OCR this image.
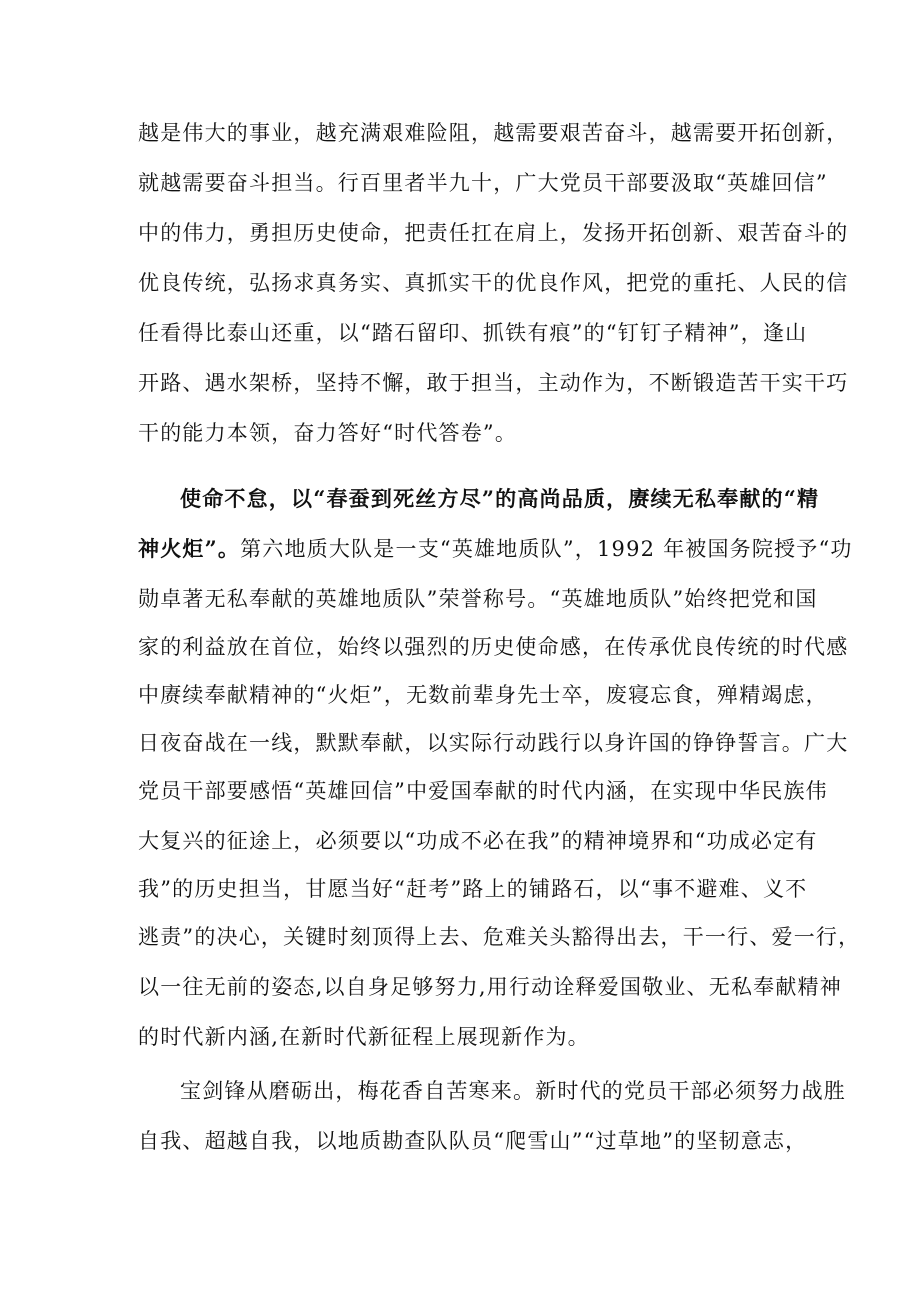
越是伟大的事业，越充满艰难险阻，越需要艰苦奋斗，越需要开拓创新，
就越需要奋斗担当。行百里者半九十，广大党员干部要汲取“英雄回信”
中的伟力，勇担历史使命，把责任扛在肩上，发扬开拓创新、艰苦奋斗的
优良传统，弘扬求真务实、真抓实干的优良作风，把党的重托、人民的信
任看得比泰山还重，以“踏石留印、抓铁有痕”的“钉钉子精神”，逢山
开路、遇水架桥，坚持不懈，敢于担当，主动作为，不断锻造苦干实干巧
干的能力本领，奋力答好“时代答卷”。
使命不怠，以“春蚕到死丝方尽”的高尚品质，赓续无私奉献的“精
神火炬”。第六地质大队是一支“英雄地质队”，1992 年被国务院授予“功
勋卓著无私奉献的英雄地质队”荣誉称号。“英雄地质队”始终把党和国
家的利益放在首位，始终以强烈的历史使命感，在传承优良传统的时代感
中赓续奉献精神的“火炬”，无数前辈身先士卒，废寝忘食，殚精竭虑，
日夜奋战在一线，默默奉献，以实际行动践行以身许国的铮铮誓言。广大
党员干部要感悟“英雄回信”中爱国奉献的时代内涵，在实现中华民族伟
大复兴的征途上，必须要以“功成不必在我”的精神境界和“功成必定有
我”的历史担当，甘愿当好“赶考”路上的铺路石，以“事不避难、义不
逃责”的决心，关键时刻顶得上去、危难关头豁得出去，干一行、爱一行，
以一往无前的姿态,以自身足够努力,用行动诠释爱国敬业、无私奉献精神
的时代新内涵,在新时代新征程上展现新作为。
宝剑锋从磨砺出，梅花香自苦寒来。新时代的党员干部必须努力战胜
自我、超越自我，以地质勘查队队员“爬雪山”“过草地”的坚韧意志，
